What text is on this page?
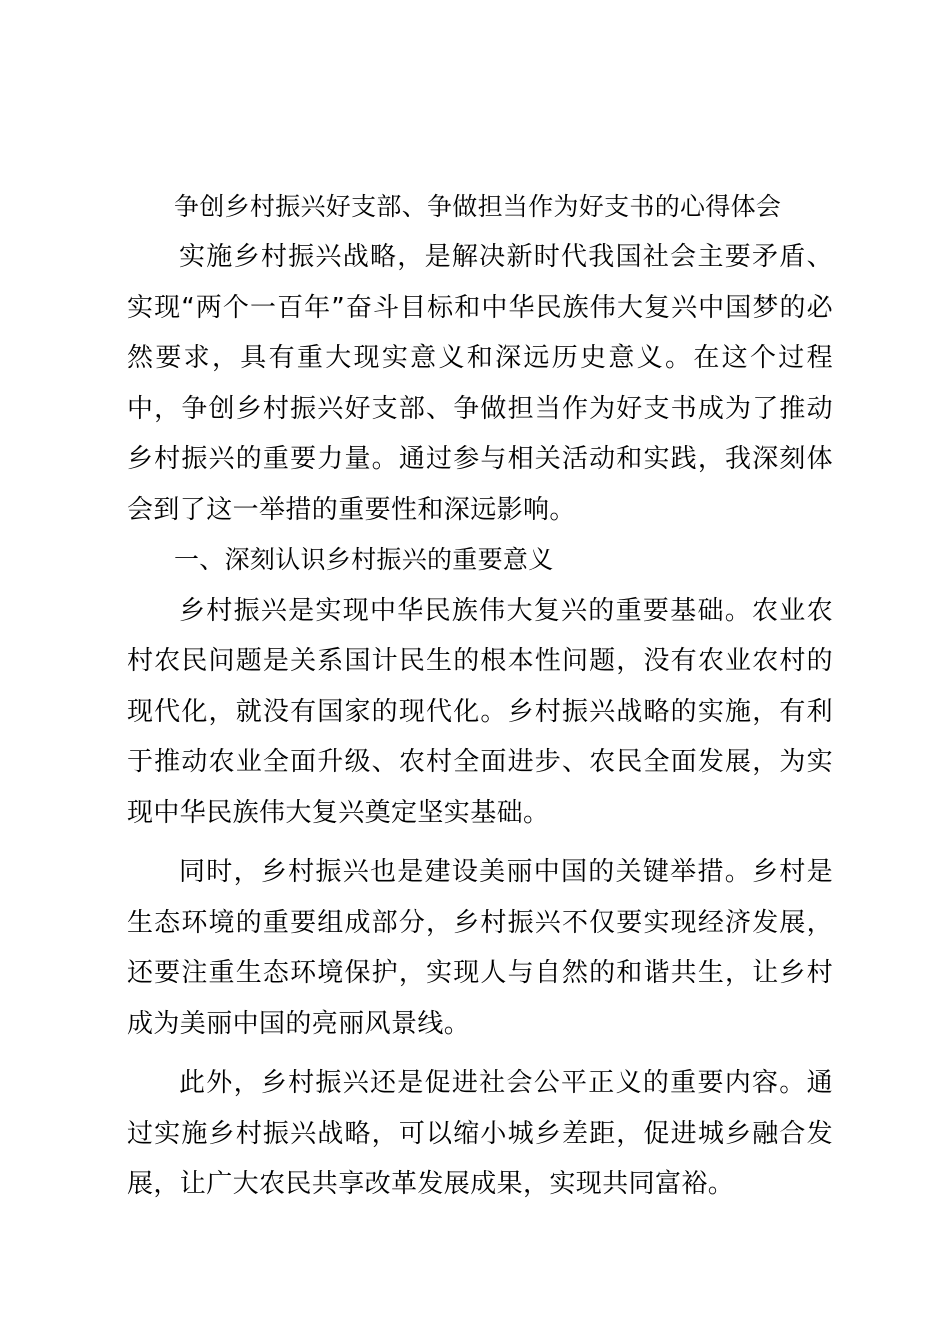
争创乡村振兴好支部、争做担当作为好支书的心得体会

实施乡村振兴战略，是解决新时代我国社会主要矛盾、实现“两个一百年”奋斗目标和中华民族伟大复兴中国梦的必然要求，具有重大现实意义和深远历史意义。在这个过程中，争创乡村振兴好支部、争做担当作为好支书成为了推动乡村振兴的重要力量。通过参与相关活动和实践，我深刻体会到了这一举措的重要性和深远影响。

一、深刻认识乡村振兴的重要意义

乡村振兴是实现中华民族伟大复兴的重要基础。农业农村农民问题是关系国计民生的根本性问题，没有农业农村的现代化，就没有国家的现代化。乡村振兴战略的实施，有利于推动农业全面升级、农村全面进步、农民全面发展，为实现中华民族伟大复兴奠定坚实基础。

同时，乡村振兴也是建设美丽中国的关键举措。乡村是生态环境的重要组成部分，乡村振兴不仅要实现经济发展，还要注重生态环境保护，实现人与自然的和谐共生，让乡村成为美丽中国的亮丽风景线。

此外，乡村振兴还是促进社会公平正义的重要内容。通过实施乡村振兴战略，可以缩小城乡差距，促进城乡融合发展，让广大农民共享改革发展成果，实现共同富裕。
